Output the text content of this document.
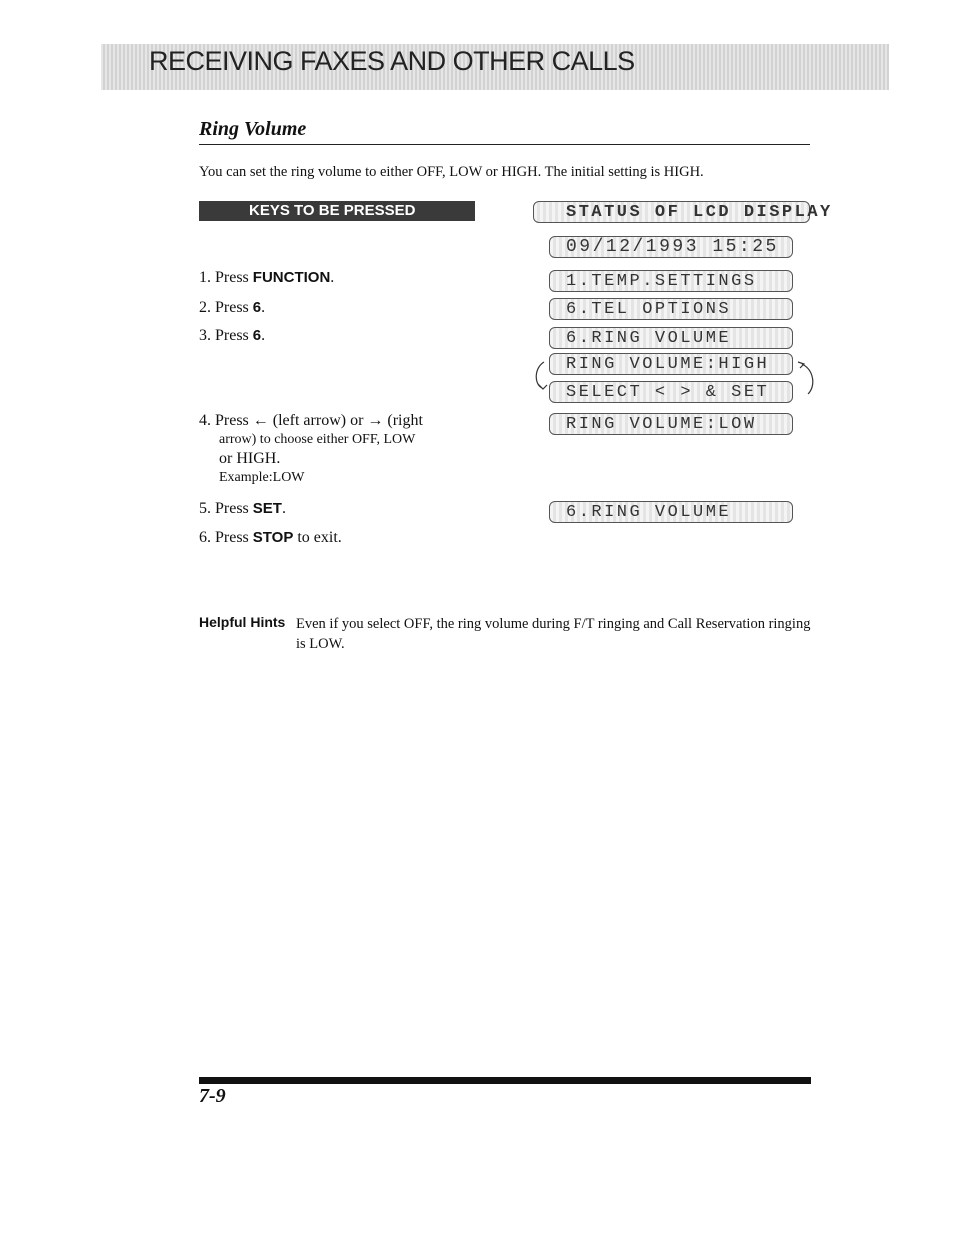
RECEIVING FAXES AND OTHER CALLS
Ring Volume
You can set the ring volume to either OFF, LOW or HIGH. The initial setting is HIGH.
KEYS TO BE PRESSED	STATUS OF LCD DISPLAY
1. Press FUNCTION.
2. Press 6.
3. Press 6.
4. Press ← (left arrow) or → (right
arrow) to choose either OFF, LOW
or HIGH.
Example:LOW
5. Press SET.
6. Press STOP to exit.
09/12/1993 15:25
1.TEMP.SETTINGS
6.TEL OPTIONS
6.RING VOLUME
RING VOLUME:HIGH
SELECT < > & SET
RING VOLUME:LOW
6.RING VOLUME
Helpful Hints Even if you select OFF, the ring volume during F/T ringing and Call Reservation ringing is LOW.
7-9
